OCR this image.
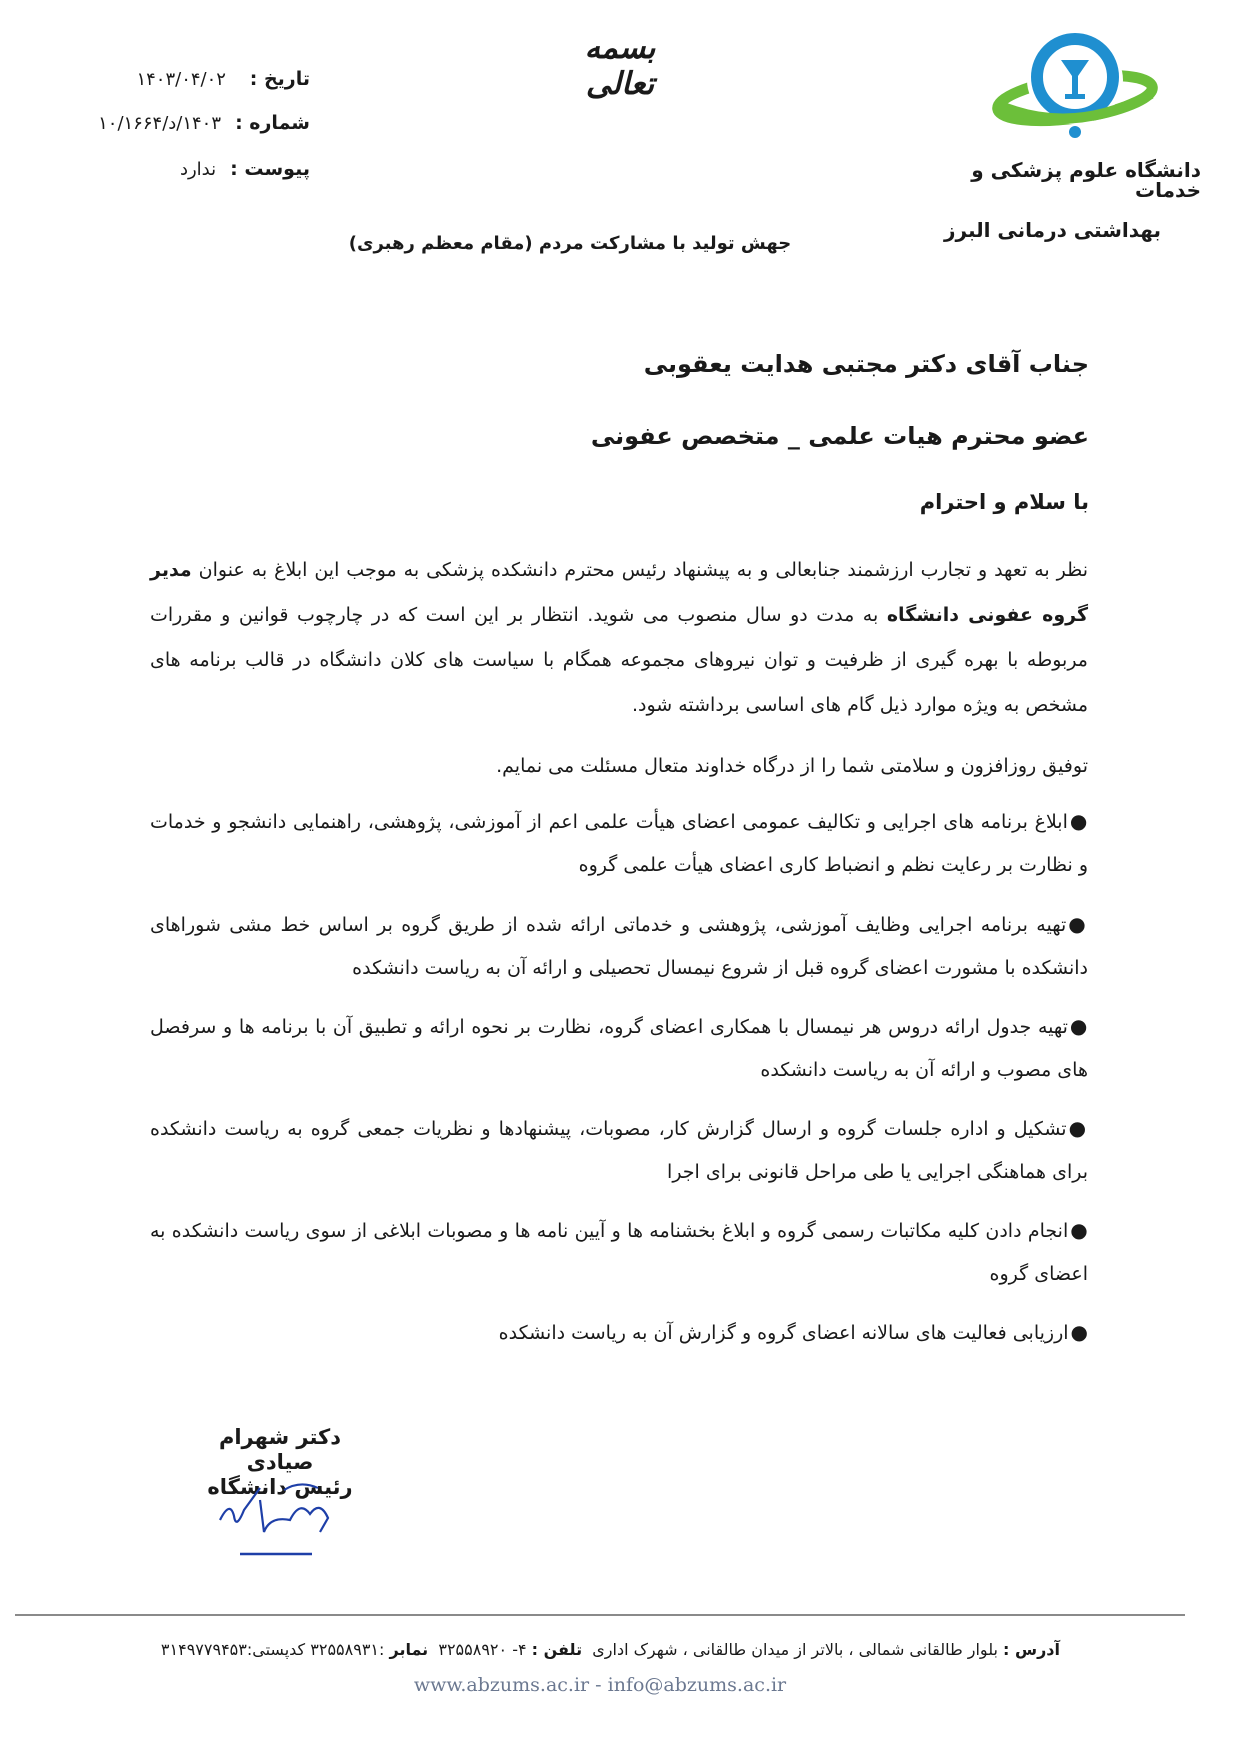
دانشگاه علوم پزشکی و خدمات
بهداشتی درمانی البرز
بسمه تعالی
تاریخ : ۱۴۰۳/۰۴/۰۲
شماره : ۱۴۰۳/د/۱۰/۱۶۶۴
پیوست : ندارد
جهش تولید با مشارکت مردم (مقام معظم رهبری)
جناب آقای دکتر مجتبی هدایت یعقوبی
عضو محترم هیات علمی _ متخصص عفونی
با سلام و احترام
نظر به تعهد و تجارب ارزشمند جنابعالی و به پیشنهاد رئیس محترم دانشکده پزشکی به موجب این ابلاغ به عنوان مدیر گروه عفونی دانشگاه به مدت دو سال منصوب می شوید. انتظار بر این است که در چارچوب قوانین و مقررات مربوطه با بهره گیری از ظرفیت و توان نیروهای مجموعه همگام با سیاست های کلان دانشگاه در قالب برنامه های مشخص به ویژه موارد ذیل گام های اساسی برداشته شود.
توفیق روزافزون و سلامتی شما را از درگاه خداوند متعال مسئلت می نمایم.
●ابلاغ برنامه های اجرایی و تکالیف عمومی اعضای هیأت علمی اعم از آموزشی، پژوهشی، راهنمایی دانشجو و خدمات و نظارت بر رعایت نظم و انضباط کاری اعضای هیأت علمی گروه
●تهیه برنامه اجرایی وظایف آموزشی، پژوهشی و خدماتی ارائه شده از طریق گروه بر اساس خط مشی شوراهای دانشکده با مشورت اعضای گروه قبل از شروع نیمسال تحصیلی و ارائه آن به ریاست دانشکده
●تهیه جدول ارائه دروس هر نیمسال با همکاری اعضای گروه، نظارت بر نحوه ارائه و تطبیق آن با برنامه ها و سرفصل های مصوب و ارائه آن به ریاست دانشکده
●تشکیل و اداره جلسات گروه و ارسال گزارش کار، مصوبات، پیشنهادها و نظریات جمعی گروه به ریاست دانشکده برای هماهنگی اجرایی یا طی مراحل قانونی برای اجرا
●انجام دادن کلیه مکاتبات رسمی گروه و ابلاغ بخشنامه ها و آیین نامه ها و مصوبات ابلاغی از سوی ریاست دانشکده به اعضای گروه
●ارزیابی فعالیت های سالانه اعضای گروه و گزارش آن به ریاست دانشکده
دکتر شهرام صیادی
رئیس دانشگاه
آدرس : بلوار طالقانی شمالی ، بالاتر از میدان طالقانی ، شهرک اداری  تلفن : ۴- ۳۲۵۵۸۹۲۰  نمابر :۳۲۵۵۸۹۳۱ کدپستی:۳۱۴۹۷۷۹۴۵۳
www.abzums.ac.ir - info@abzums.ac.ir
